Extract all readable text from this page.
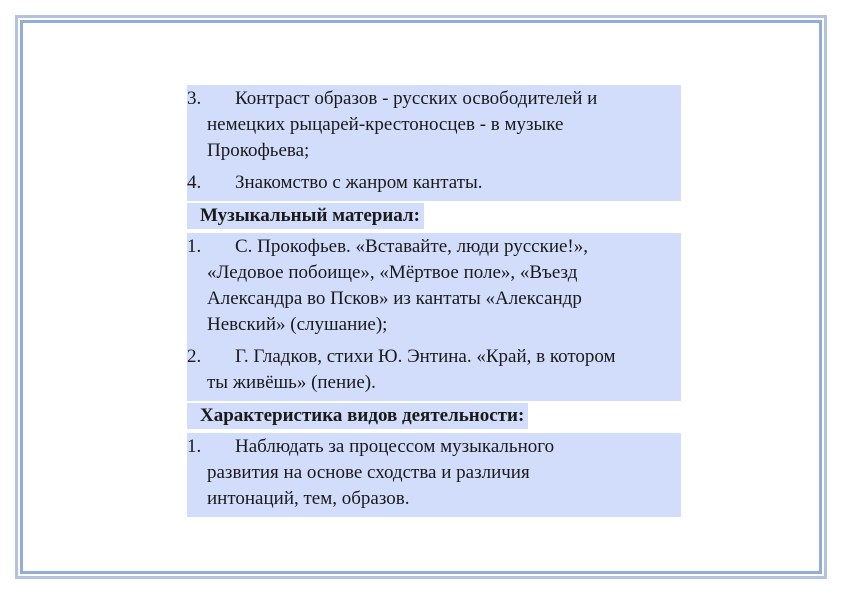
3. Контраст образов - русских освободителей и
немецких рыцарей-крестоносцев - в музыке
Прокофьева;
4. Знакомство с жанром кантаты.
Музыкальный материал:
1. С. Прокофьев. «Вставайте, люди русские!»,
«Ледовое побоище», «Мёртвое поле», «Въезд
Александра во Псков» из кантаты «Александр
Невский» (слушание);
2. Г. Гладков, стихи Ю. Энтина. «Край, в котором
ты живёшь» (пение).
Характеристика видов деятельности:
1. Наблюдать за процессом музыкального
развития на основе сходства и различия
интонаций, тем, образов.
